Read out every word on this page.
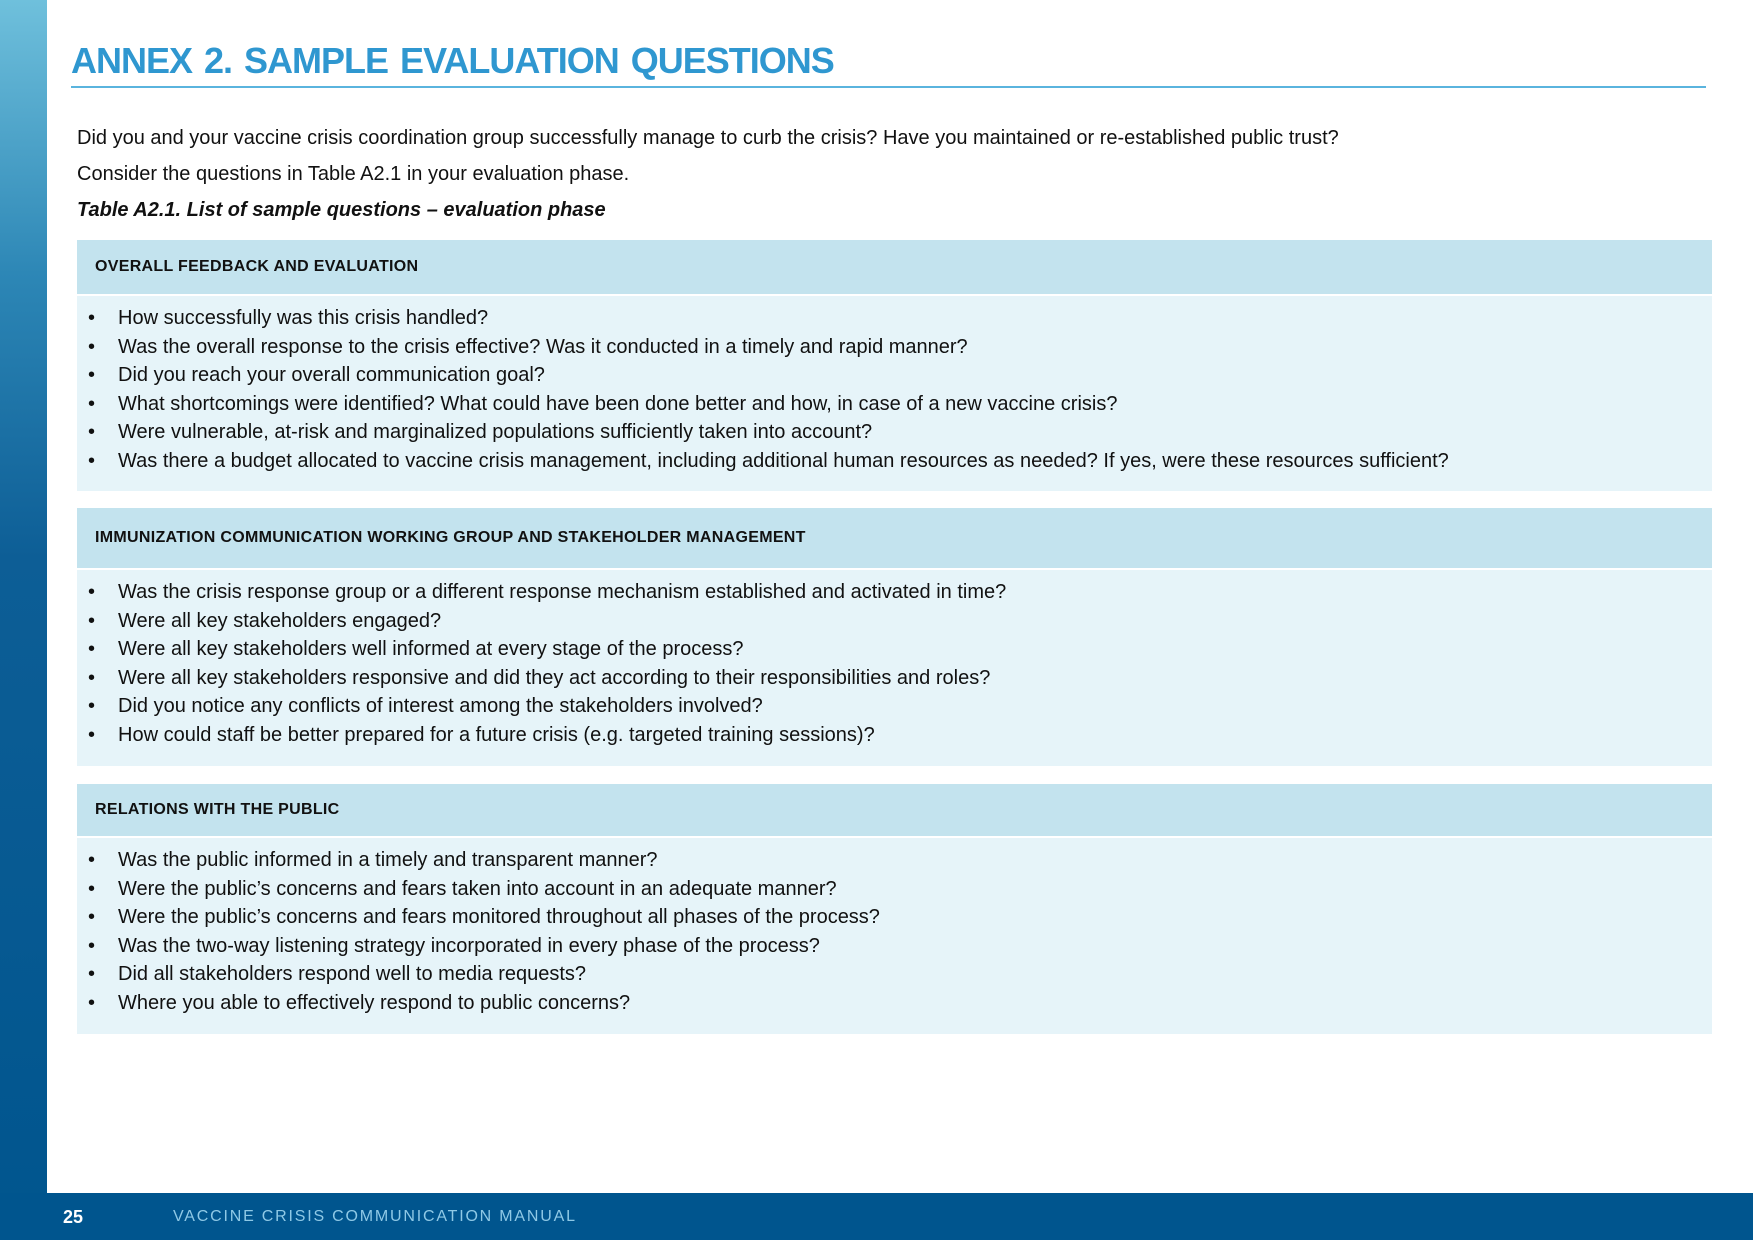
ANNEX 2. SAMPLE EVALUATION QUESTIONS

Did you and your vaccine crisis coordination group successfully manage to curb the crisis? Have you maintained or re-established public trust?

Consider the questions in Table A2.1 in your evaluation phase.

Table A2.1. List of sample questions – evaluation phase

OVERALL FEEDBACK AND EVALUATION
• How successfully was this crisis handled?
• Was the overall response to the crisis effective? Was it conducted in a timely and rapid manner?
• Did you reach your overall communication goal?
• What shortcomings were identified? What could have been done better and how, in case of a new vaccine crisis?
• Were vulnerable, at-risk and marginalized populations sufficiently taken into account?
• Was there a budget allocated to vaccine crisis management, including additional human resources as needed? If yes, were these resources sufficient?
IMMUNIZATION COMMUNICATION WORKING GROUP AND STAKEHOLDER MANAGEMENT
• Was the crisis response group or a different response mechanism established and activated in time?
• Were all key stakeholders engaged?
• Were all key stakeholders well informed at every stage of the process?
• Were all key stakeholders responsive and did they act according to their responsibilities and roles?
• Did you notice any conflicts of interest among the stakeholders involved?
• How could staff be better prepared for a future crisis (e.g. targeted training sessions)?
RELATIONS WITH THE PUBLIC
• Was the public informed in a timely and transparent manner?
• Were the public’s concerns and fears taken into account in an adequate manner?
• Were the public’s concerns and fears monitored throughout all phases of the process?
• Was the two-way listening strategy incorporated in every phase of the process?
• Did all stakeholders respond well to media requests?
• Where you able to effectively respond to public concerns?
25	VACCINE CRISIS COMMUNICATION MANUAL
